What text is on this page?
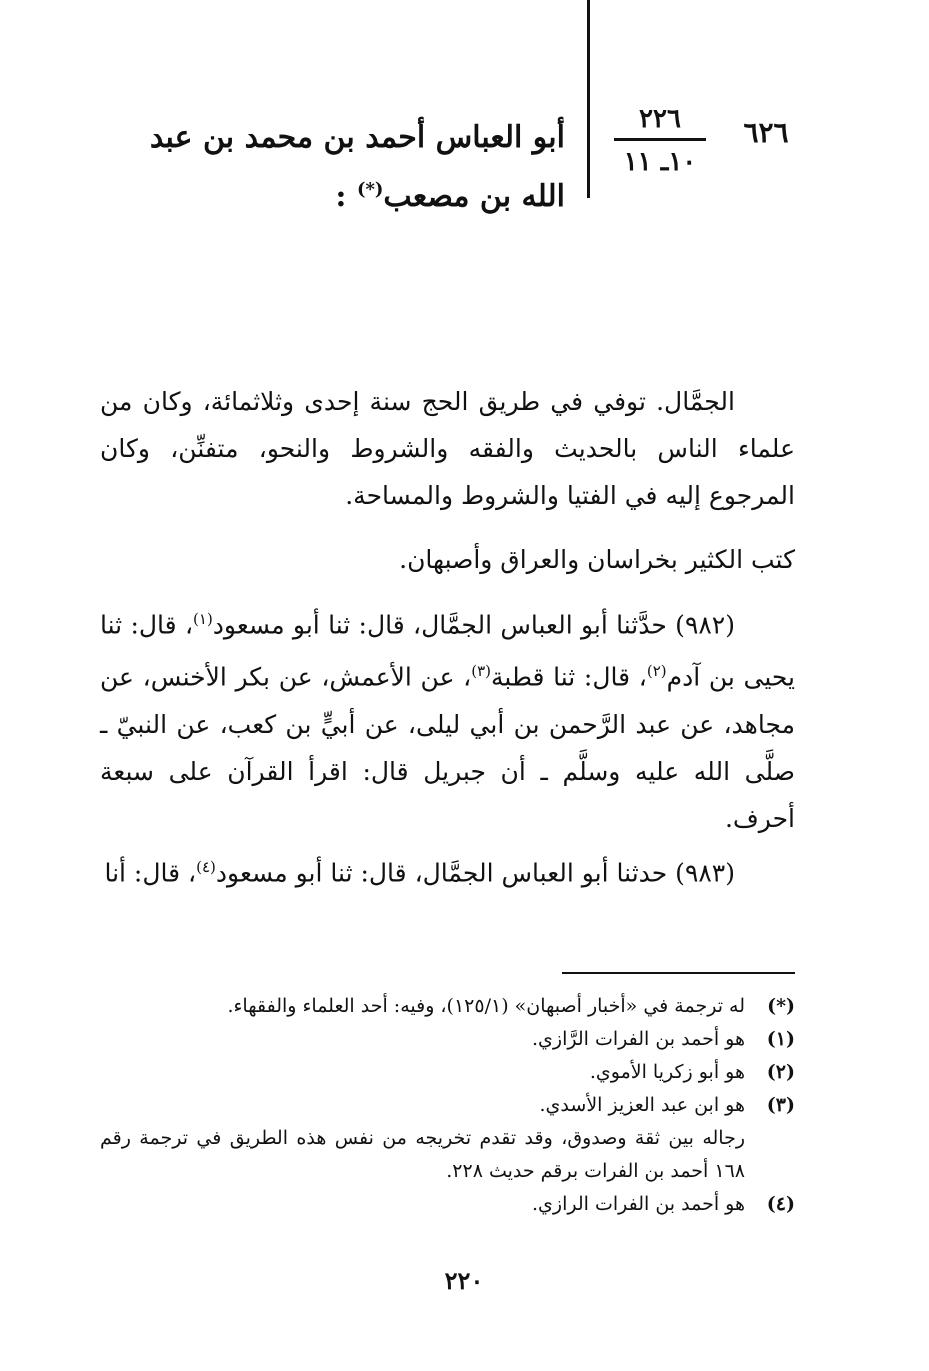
٦٢٦
٢٢٦
١٠ـ ١١
أبو العباس أحمد بن محمد بن عبد الله بن مصعب(*) :
الجمَّال. توفي في طريق الحج سنة إحدى وثلاثمائة، وكان من علماء الناس بالحديث والفقه والشروط والنحو، متفنِّن، وكان المرجوع إليه في الفتيا والشروط والمساحة.
كتب الكثير بخراسان والعراق وأصبهان.
(٩٨٢) حدَّثنا أبو العباس الجمَّال، قال: ثنا أبو مسعود$^{(١)}$، قال: ثنا يحيى بن آدم$^{(٢)}$، قال: ثنا قطبة$^{(٣)}$، عن الأعمش، عن بكر الأخنس، عن مجاهد، عن عبد الرَّحمن بن أبي ليلى، عن أبيٍّ بن كعب، عن النبيّ ـ صلَّى الله عليه وسلَّم ـ أن جبريل قال: اقرأ القرآن على سبعة أحرف.
(٩٨٣) حدثنا أبو العباس الجمَّال، قال: ثنا أبو مسعود$^{(٤)}$، قال: أنا
(*)
له ترجمة في «أخبار أصبهان» (١٢٥/١)، وفيه: أحد العلماء والفقهاء.
(١)
هو أحمد بن الفرات الرَّازي.
(٢)
هو أبو زكريا الأموي.
(٣)
هو ابن عبد العزيز الأسدي.
رجاله بين ثقة وصدوق، وقد تقدم تخريجه من نفس هذه الطريق في ترجمة رقم ١٦٨ أحمد بن الفرات برقم حديث ٢٢٨.
(٤)
هو أحمد بن الفرات الرازي.
٢٢٠
